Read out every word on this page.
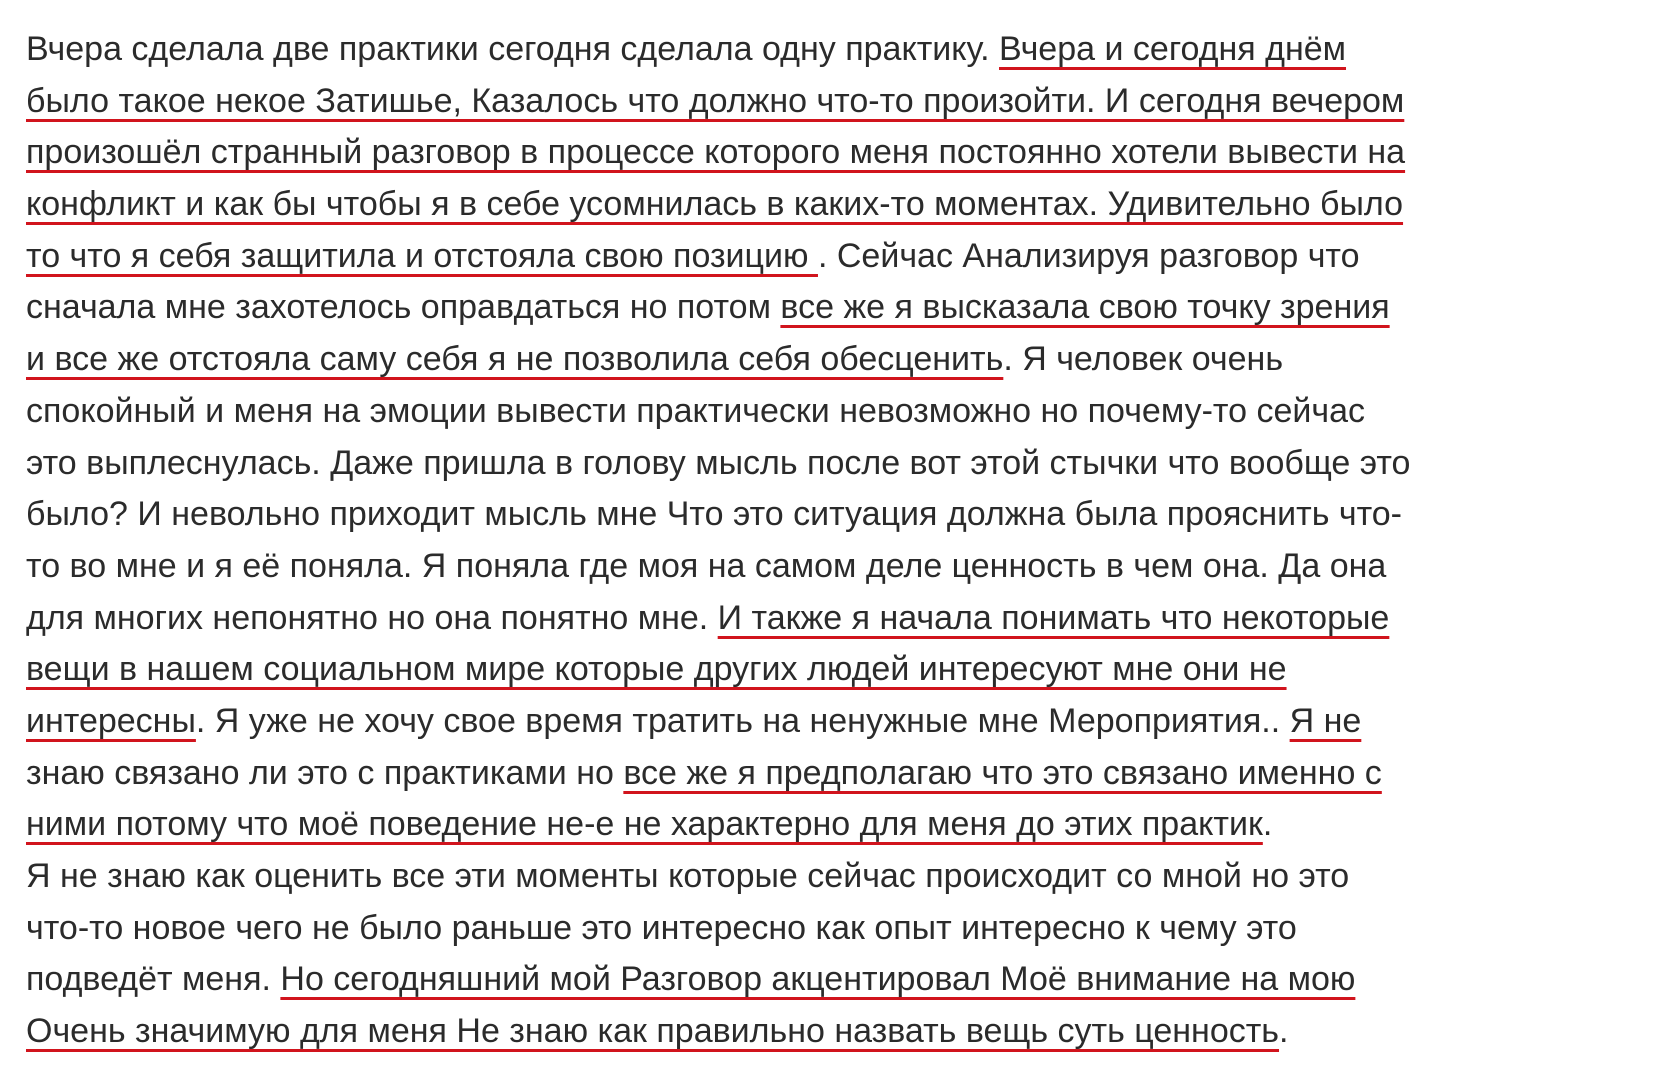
Вчера сделала две практики сегодня сделала одну практику. Вчера и сегодня днём
было такое некое Затишье, Казалось что должно что-то произойти. И сегодня вечером
произошёл странный разговор в процессе которого меня постоянно хотели вывести на
конфликт и как бы чтобы я в себе усомнилась в каких-то моментах. Удивительно было
то что я себя защитила и отстояла свою позицию . Сейчас Анализируя разговор что
сначала мне захотелось оправдаться но потом все же я высказала свою точку зрения
и все же отстояла саму себя я не позволила себя обесценить. Я человек очень
спокойный и меня на эмоции вывести практически невозможно но почему-то сейчас
это выплеснулась. Даже пришла в голову мысль после вот этой стычки что вообще это
было? И невольно приходит мысль мне Что это ситуация должна была прояснить что-
то во мне и я её поняла. Я поняла где моя на самом деле ценность в чем она. Да она
для многих непонятно но она понятно мне. И также я начала понимать что некоторые
вещи в нашем социальном мире которые других людей интересуют мне они не
интересны. Я уже не хочу свое время тратить на ненужные мне Мероприятия.. Я не
знаю связано ли это с практиками но все же я предполагаю что это связано именно с
ними потому что моё поведение не-е не характерно для меня до этих практик.
Я не знаю как оценить все эти моменты которые сейчас происходит со мной но это
что-то новое чего не было раньше это интересно как опыт интересно к чему это
подведёт меня. Но сегодняшний мой Разговор акцентировал Моё внимание на мою
Очень значимую для меня Не знаю как правильно назвать вещь суть ценность.
